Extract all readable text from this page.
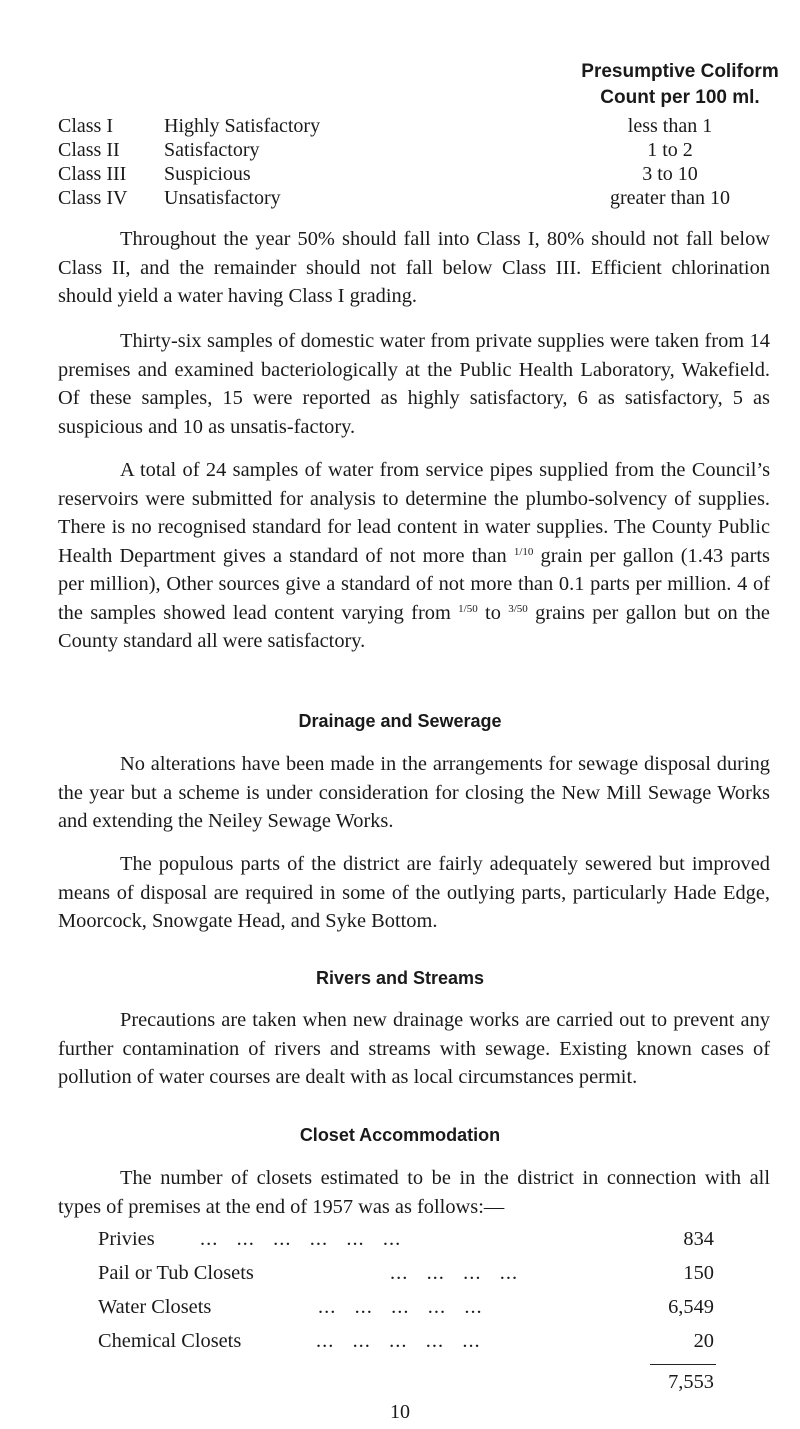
Presumptive Coliform
Count per 100 ml.
Class I	Highly Satisfactory	less than 1
Class II Satisfactory	1 to 2
Class III Suspicious	3 to 10
Class IV Unsatisfactory	greater than 10
Throughout the year 50% should fall into Class I, 80% should not fall below Class II, and the remainder should not fall below Class III. Efficient chlorination should yield a water having Class I grading.
Thirty-six samples of domestic water from private supplies were taken from 14 premises and examined bacteriologically at the Public Health Laboratory, Wakefield. Of these samples, 15 were reported as highly satisfactory, 6 as satisfactory, 5 as suspicious and 10 as unsatis-factory.
A total of 24 samples of water from service pipes supplied from the Council’s reservoirs were submitted for analysis to determine the plumbo-solvency of supplies. There is no recognised standard for lead content in water supplies. The County Public Health Department gives a standard of not more than $^{1/10}$ grain per gallon (1.43 parts per million), Other sources give a standard of not more than 0.1 parts per million. 4 of the samples showed lead content varying from $^{1/50}$ to $^{3/50}$ grains per gallon but on the County standard all were satisfactory.
Drainage and Sewerage
No alterations have been made in the arrangements for sewage disposal during the year but a scheme is under consideration for closing the New Mill Sewage Works and extending the Neiley Sewage Works.
The populous parts of the district are fairly adequately sewered but improved means of disposal are required in some of the outlying parts, particularly Hade Edge, Moorcock, Snowgate Head, and Syke Bottom.
Rivers and Streams
Precautions are taken when new drainage works are carried out to prevent any further contamination of rivers and streams with sewage. Existing known cases of pollution of water courses are dealt with as local circumstances permit.
Closet Accommodation
The number of closets estimated to be in the district in connection with all types of premises at the end of 1957 was as follows:—
Privies ...   ...   ...   ...   ...   ...	834
Pail or Tub Closets	...   ...   ...   ...	150
Water Closets	...   ...   ...   ...   ...	6,549
Chemical Closets	...   ...   ...   ...   ...	20
7,553
10
